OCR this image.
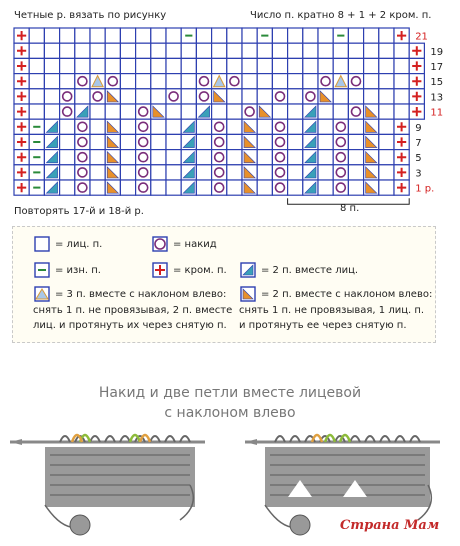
21
19
17
15
13
11
9
7
5
3
1 р.
Четные р. вязать по рисунку	Число п. кратно 8 + 1 + 2 кром. п.
Повторять 17-й и 18-й р.	8 п.
= лиц. п.	= накид
= изн. п.	= кром. п.	= 2 п. вместе лиц.
= 3 п. вместе с наклоном влево:
снять 1 п. не провязывая, 2 п. вместе
лиц. и протянуть их через снятую п.
= 2 п. вместе с наклоном влево:
снять 1 п. не провязывая, 1 лиц. п.
и протянуть ее через снятую п.
Накид и две петли вместе лицевой
с наклоном влево
Страна Мам
